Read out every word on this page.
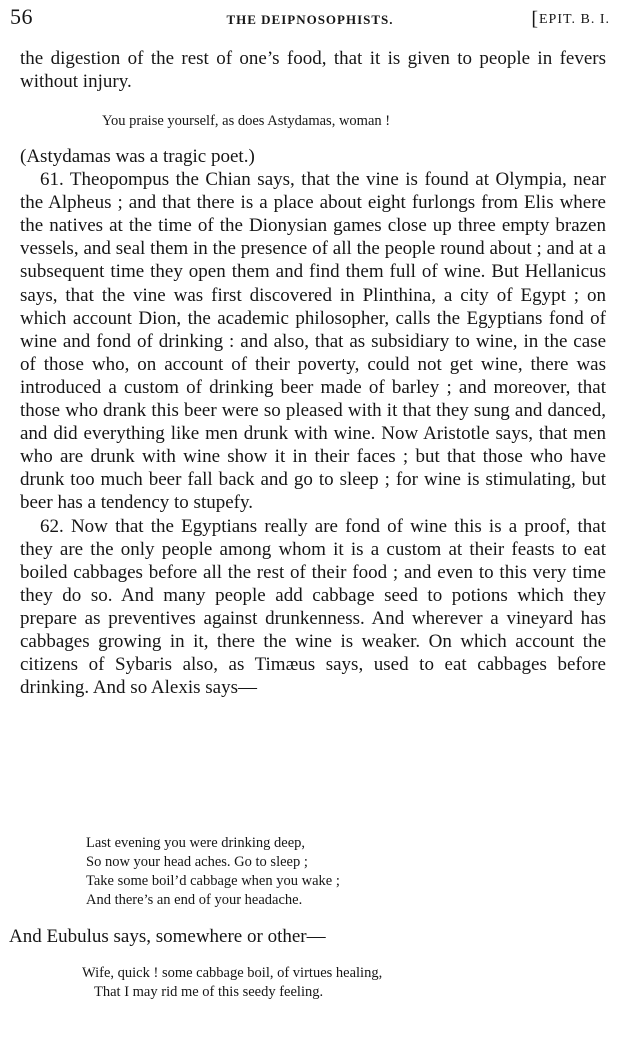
56	THE DEIPNOSOPHISTS.	[EPIT. B. I.

the digestion of the rest of one’s food, that it is given to people in fevers without injury.

You praise yourself, as does Astydamas, woman !

(Astydamas was a tragic poet.)

61. Theopompus the Chian says, that the vine is found at Olympia, near the Alpheus ; and that there is a place about eight furlongs from Elis where the natives at the time of the Dionysian games close up three empty brazen vessels, and seal them in the presence of all the people round about ; and at a subsequent time they open them and find them full of wine. But Hellanicus says, that the vine was first discovered in Plinthina, a city of Egypt ; on which account Dion, the academic philosopher, calls the Egyptians fond of wine and fond of drinking : and also, that as subsidiary to wine, in the case of those who, on account of their poverty, could not get wine, there was introduced a custom of drinking beer made of barley ; and moreover, that those who drank this beer were so pleased with it that they sung and danced, and did everything like men drunk with wine. Now Aristotle says, that men who are drunk with wine show it in their faces ; but that those who have drunk too much beer fall back and go to sleep ; for wine is stimulating, but beer has a tendency to stupefy.

62. Now that the Egyptians really are fond of wine this is a proof, that they are the only people among whom it is a custom at their feasts to eat boiled cabbages before all the rest of their food ; and even to this very time they do so. And many people add cabbage seed to potions which they prepare as preventives against drunkenness. And wherever a vineyard has cabbages growing in it, there the wine is weaker. On which account the citizens of Sybaris also, as Timæus says, used to eat cabbages before drinking. And so Alexis says—

Last evening you were drinking deep,
So now your head aches. Go to sleep ;
Take some boil’d cabbage when you wake ;
And there’s an end of your headache.

And Eubulus says, somewhere or other—

Wife, quick ! some cabbage boil, of virtues healing,
That I may rid me of this seedy feeling.
